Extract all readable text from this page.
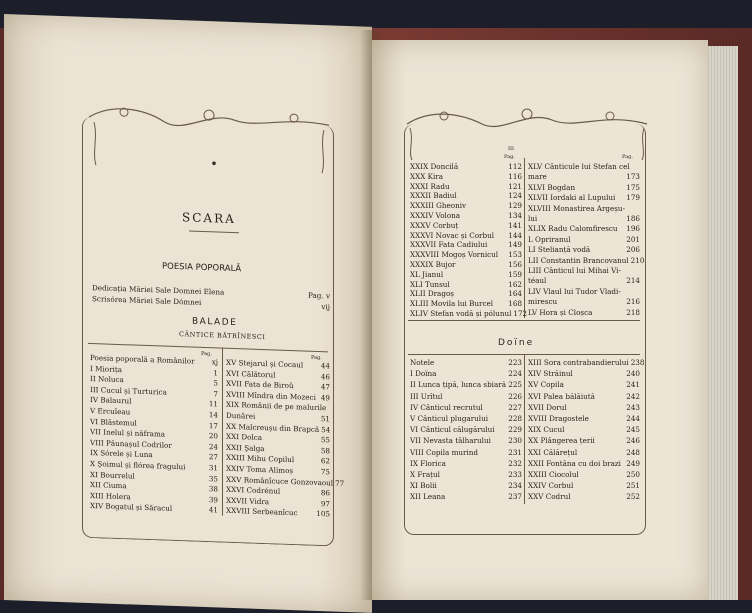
SCARA
POESIA POPORALĂ
Dedicația Măriei Sale Domnei Elena	Pag. v
Scrisórea Măriei Sale Dómnei	vij
BALADE
CÂNTICE BĂTRÎNESCI
Pag.
Pag.
Poesia poporală a Românilor xj
I Miorița	1
II Noluca	5
III Cucul și Turturica	7
IV Balaurul	11
V Ercuîeau	14
VI Blăstemul	17
VII Inelul și năframa	20
VIII Păunașul Codrilor	24
IX Sórele și Luna	27
X Șoimul și flórea fragului	31
XI Bourrelul	35
XII Ciuma	38
XIII Holera	39
XIV Bogatul și Săracul	41
XV Stejarul și Cocaul 44
XVI Călătorul	46
XVII Fata de Biroû	47
XVIII Mîndra din Mozeci 49
XIX Românii de pe malurile
Dunărei	51
XX Malcreușu din Brapcă 54
XXI Dolca	55
XXII Șalga	58
XXIII Mihu Copilul	62
XXIV Toma Alimoș	75
XXV Românîcuce Gonzovaoul 77
XXVI Codrénul	86
XXVII Vidra	97
XXVIII Serbeanîcuc	105
III
Pag.	Pag.
XXIX Doncilă	112
XXX Kira	116
XXXI Radu	121
XXXII Badiul	124
XXXIII Gheoniv	129
XXXIV Volona	134
XXXV Corbuț	141
XXXVI Novac și Corbul 144
XXXVII Fata Cadiului	149
XXXVIII Mogoș Vornicul 153
XXXIX Bujor	156
XL Jianul	159
XLI Tunsul	162
XLII Dragoș	164
XLIII Movila lui Burcel 168
XLIV Stefan vodă și pólunul 172
XLV Cânticule lui Stefan cel
mare	173
XLVI Bogdan	175
XLVII Iordaki al Lupului 179
XLVIII Monastirea Argeșu-
lui	186
XLIX Radu Calomfirescu 196
L Opriranul	201
LI Stelianță vodă	206
LII Constantin Brancovanul 210
LIII Cânticul lui Mihai Vi-
téaul	214
LIV Vlaul lui Tudor Vladi-
mirescu	216
LV Hora și Cloșca	218
Doïne
Notele	223
I Doïna	224
II Lunca țipă, lunca sbiară 225
III Urîtul	226
IV Cânticul recrutul	227
V Cânticul plugarului	228
VI Cânticul călugărului 229
VII Nevasta tâlharului 230
VIII Copila murind	231
IX Florica	232
X Frațul	233
XI Bolii	234
XII Leana	237
XIII Sora contrabandierului 238
XIV Străinul	240
XV Copila	241
XVI Palea bălăiută	242
XVII Dorul	243
XVIII Dragostele	244
XIX Cucul	245
XX Plângerea țerii	246
XXI Călărețul	248
XXII Fontâna cu doi brazi 249
XXIII Ciocolul	250
XXIV Corbul	251
XXV Codrul	252
